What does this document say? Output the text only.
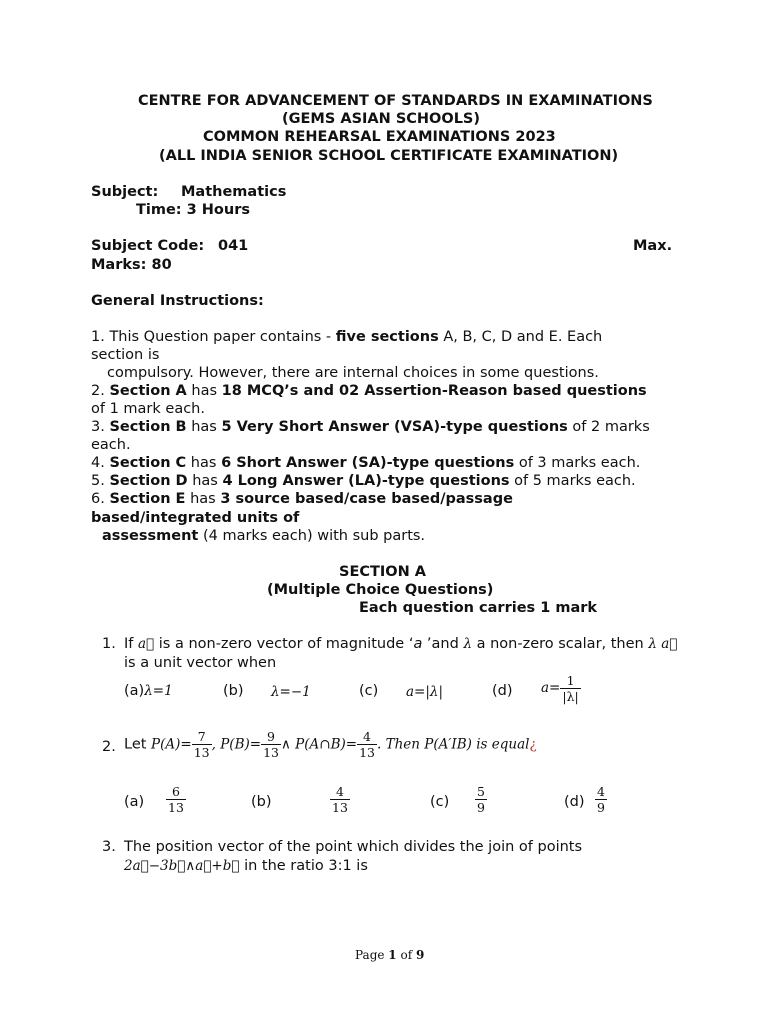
CENTRE FOR ADVANCEMENT OF STANDARDS IN EXAMINATIONS
(GEMS ASIAN SCHOOLS)
COMMON REHEARSAL EXAMINATIONS 2023
(ALL INDIA SENIOR SCHOOL CERTIFICATE EXAMINATION)
Subject: Mathematics
Time: 3 Hours
Subject Code: 041	Max.
Marks: 80
General Instructions:
1. This Question paper contains - five sections A, B, C, D and E. Each
section is
compulsory. However, there are internal choices in some questions.
2. Section A has 18 MCQ’s and 02 Assertion-Reason based questions
of 1 mark each.
3. Section B has 5 Very Short Answer (VSA)-type questions of 2 marks
each.
4. Section C has 6 Short Answer (SA)-type questions of 3 marks each.
5. Section D has 4 Long Answer (LA)-type questions of 5 marks each.
6. Section E has 3 source based/case based/passage
based/integrated units of
assessment (4 marks each) with sub parts.
SECTION A
(Multiple Choice Questions)
Each question carries 1 mark
1. If a⃗ is a non-zero vector of magnitude ‘a ’and λ a non-zero scalar, then λ a⃗
is a unit vector when
(a)λ=1	(b) λ=−1	(c) a=|λ|	(d) $a= \frac{1}{|\lambda|}$
2. Let $P(A)= \frac{7}{13}$ , $P(B)= \frac{9}{13}$ ∧ P(A∩B)= $\frac{4}{13}$ . Then P(A′IB) is equal¿
$(a) \frac{6}{13}$	(b)	$\frac{4}{13}$	$(c) \frac{5}{9}$	$(d) \frac{4}{9}$
3. The position vector of the point which divides the join of points
2a⃗−3b⃗∧a⃗+b⃗ in the ratio 3:1 is
Page 1 of 9
